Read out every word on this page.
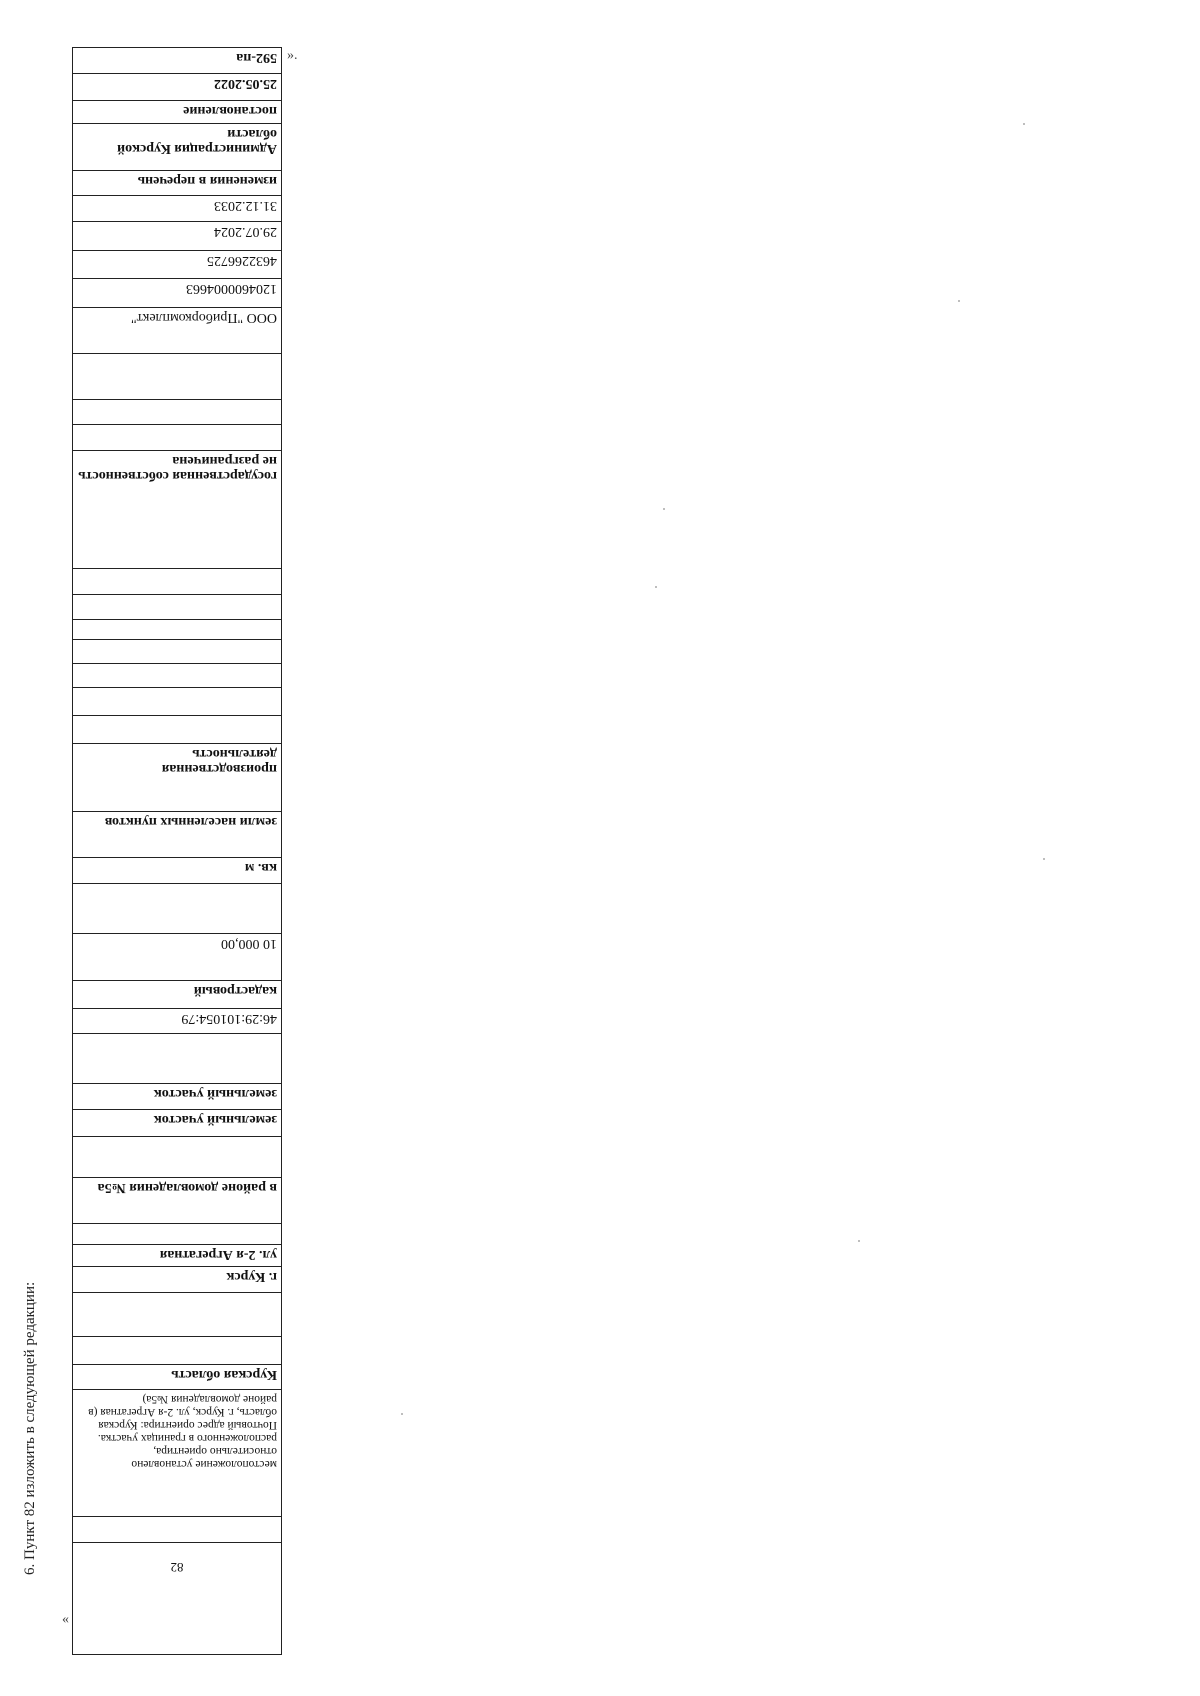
6. Пункт 82 изложить в следующей редакции:
«
».
592-па
25.05.2022
постановление
Администрация Курской области
изменения в перечень
31.12.2033
29.07.2024
4632266725
1204600004663
ООО "Приборкомплект"
государственная собственность не разграничена
производственная деятельность
земли населенных пунктов
кв. м
10 000,00
кадастровый
46:29:101054:79
земельный участок
земельный участок
в районе домовладения №5а
ул. 2-я Агрегатная
г. Курск
Курская область
местоположение установлено относительно ориентира, расположенного в границах участка. Почтовый адрес ориентира: Курская область, г. Курск, ул. 2-я Агрегатная (в районе домовладения №5а)
82
